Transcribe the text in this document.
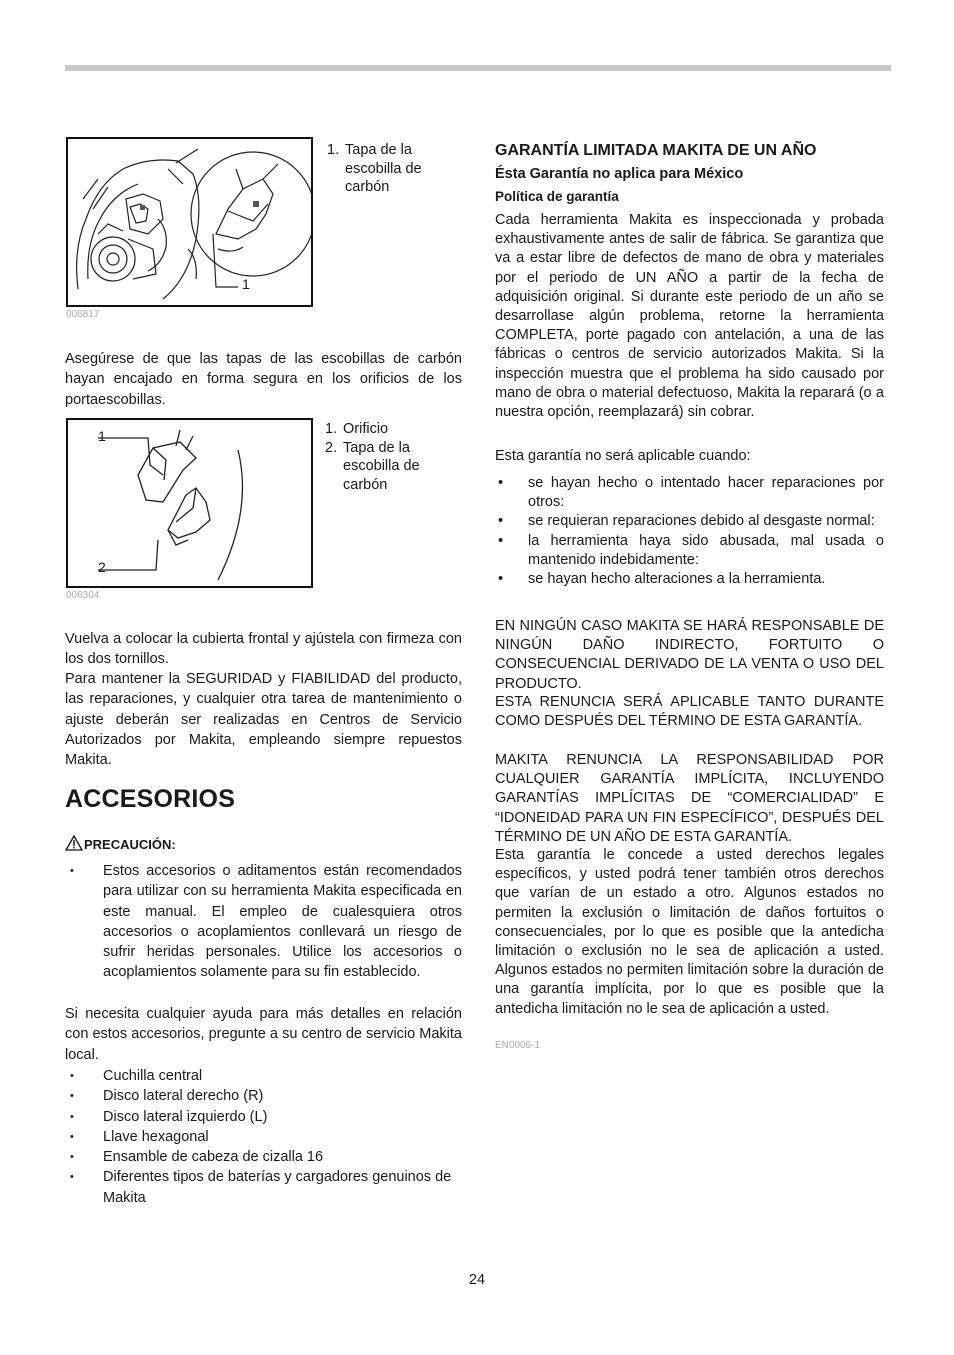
1
006817
1. Tapa de la
escobilla de
carbón

Asegúrese de que las tapas de las escobillas de carbón hayan encajado en forma segura en los orificios de los portaescobillas.

1
2
006304
1. Orificio
2. Tapa de la
escobilla de
carbón

Vuelva a colocar la cubierta frontal y ajústela con firmeza con los dos tornillos.

Para mantener la SEGURIDAD y FIABILIDAD del producto, las reparaciones, y cualquier otra tarea de mantenimiento o ajuste deberán ser realizadas en Centros de Servicio Autorizados por Makita, empleando siempre repuestos Makita.

ACCESORIOS
PRECAUCIÓN:
• Estos accesorios o aditamentos están recomendados para utilizar con su herramienta Makita especificada en este manual. El empleo de cualesquiera otros accesorios o acoplamientos conllevará un riesgo de sufrir heridas personales. Utilice los accesorios o acoplamientos solamente para su fin establecido.

Si necesita cualquier ayuda para más detalles en relación con estos accesorios, pregunte a su centro de servicio Makita local.

• Cuchilla central
• Disco lateral derecho (R)
• Disco lateral izquierdo (L)
• Llave hexagonal
• Ensamble de cabeza de cizalla 16
• Diferentes tipos de baterías y cargadores genuinos de Makita
GARANTÍA LIMITADA MAKITA DE UN AÑO
Ésta Garantía no aplica para México
Política de garantía

Cada herramienta Makita es inspeccionada y probada exhaustivamente antes de salir de fábrica. Se garantiza que va a estar libre de defectos de mano de obra y materiales por el periodo de UN AÑO a partir de la fecha de adquisición original. Si durante este periodo de un año se desarrollase algún problema, retorne la herramienta COMPLETA, porte pagado con antelación, a una de las fábricas o centros de servicio autorizados Makita. Si la inspección muestra que el problema ha sido causado por mano de obra o material defectuoso, Makita la reparará (o a nuestra opción, reemplazará) sin cobrar.

Esta garantía no será aplicable cuando:

• se hayan hecho o intentado hacer reparaciones por otros:
• se requieran reparaciones debido al desgaste normal:
• la herramienta haya sido abusada, mal usada o mantenido indebidamente:
• se hayan hecho alteraciones a la herramienta.

EN NINGÚN CASO MAKITA SE HARÁ RESPONSABLE DE NINGÚN DAÑO INDIRECTO, FORTUITO O CONSECUENCIAL DERIVADO DE LA VENTA O USO DEL PRODUCTO.

ESTA RENUNCIA SERÁ APLICABLE TANTO DURANTE COMO DESPUÉS DEL TÉRMINO DE ESTA GARANTÍA.

MAKITA RENUNCIA LA RESPONSABILIDAD POR CUALQUIER GARANTÍA IMPLÍCITA, INCLUYENDO GARANTÍAS IMPLÍCITAS DE “COMERCIALIDAD” E “IDONEIDAD PARA UN FIN ESPECÍFICO”, DESPUÉS DEL TÉRMINO DE UN AÑO DE ESTA GARANTÍA.

Esta garantía le concede a usted derechos legales específicos, y usted podrá tener también otros derechos que varían de un estado a otro. Algunos estados no permiten la exclusión o limitación de daños fortuitos o consecuenciales, por lo que es posible que la antedicha limitación o exclusión no le sea de aplicación a usted. Algunos estados no permiten limitación sobre la duración de una garantía implícita, por lo que es posible que la antedicha limitación no le sea de aplicación a usted.

EN0006-1
24
